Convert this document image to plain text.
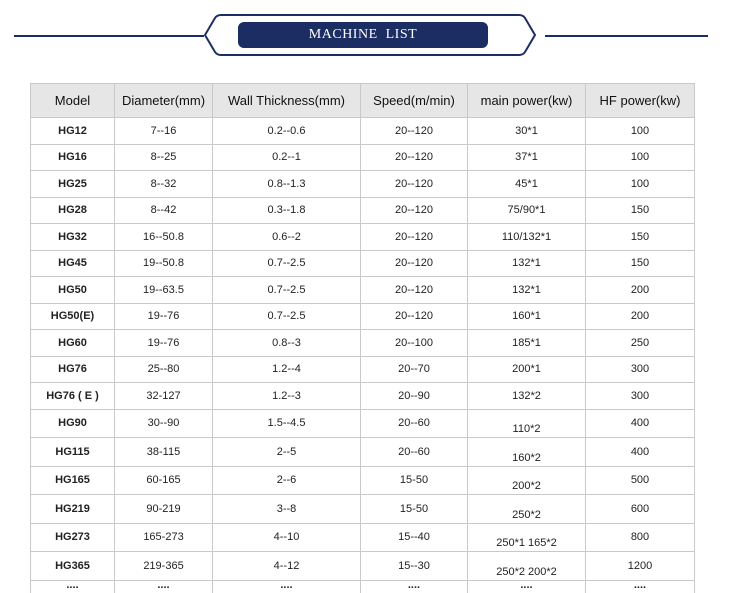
MACHINE LIST
Model	Diameter(mm)	Wall Thickness(mm)	Speed(m/min)	main power(kw)	HF power(kw)
HG12	7--16	0.2--0.6	20--120	30*1	100
HG16	8--25	0.2--1	20--120	37*1	100
HG25	8--32	0.8--1.3	20--120	45*1	100
HG28	8--42	0.3--1.8	20--120	75/90*1	150
HG32	16--50.8	0.6--2	20--120	110/132*1	150
HG45	19--50.8	0.7--2.5	20--120	132*1	150
HG50	19--63.5	0.7--2.5	20--120	132*1	200
HG50(E)	19--76	0.7--2.5	20--120	160*1	200
HG60	19--76	0.8--3	20--100	185*1	250
HG76	25--80	1.2--4	20--70	200*1	300
HG76 ( E )	32-127	1.2--3	20--90	132*2	300
HG90	30--90	1.5--4.5	20--60	110*2	400
HG115	38-115	2--5	20--60	160*2	400
HG165	60-165	2--6	15-50	200*2	500
HG219	90-219	3--8	15-50	250*2	600
HG273	165-273	4--10	15--40	250*1 165*2	800
HG365	219-365	4--12	15--30	250*2 200*2	1200
....	....	....	....	....	....
